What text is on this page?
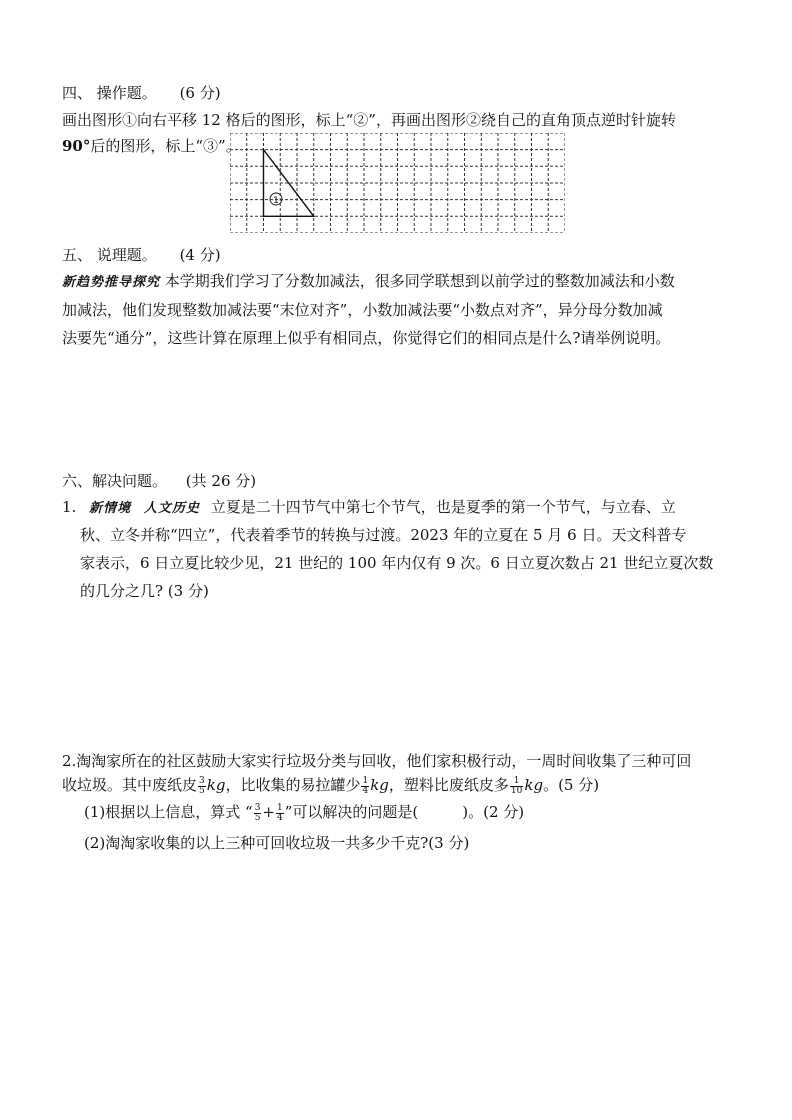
四、 操作题。 (6 分)
画出图形①向右平移 12 格后的图形，标上“②”，再画出图形②绕自己的直角顶点逆时针旋转
90°后的图形，标上“③”。
1
五、 说理题。 (4 分)
新趋势推导探究 本学期我们学习了分数加减法，很多同学联想到以前学过的整数加减法和小数
加减法，他们发现整数加减法要“末位对齐”，小数加减法要“小数点对齐”，异分母分数加减
法要先“通分”，这些计算在原理上似乎有相同点，你觉得它们的相同点是什么?请举例说明。
六、解决问题。 (共 26 分)
1. 新情境 人文历史 立夏是二十四节气中第七个节气，也是夏季的第一个节气，与立春、立
秋、立冬并称“四立”，代表着季节的转换与过渡。2023 年的立夏在 5 月 6 日。天文科普专
家表示，6 日立夏比较少见，21 世纪的 100 年内仅有 9 次。6 日立夏次数占 21 世纪立夏次数
的几分之几? (3 分)
2.淘淘家所在的社区鼓励大家实行垃圾分类与回收，他们家积极行动，一周时间收集了三种可回
收垃圾。其中废纸皮 $\frac{3}{5}$ kg，比收集的易拉罐少 $\frac{1}{4}$ kg，塑料比废纸皮多 $\frac{1}{10}$ kg。(5 分)
(1)根据以上信息，算式 “ $\frac{3}{5} + \frac{1}{4}$ ”可以解决的问题是(	)。(2 分)
(2)淘淘家收集的以上三种可回收垃圾一共多少千克?(3 分)
